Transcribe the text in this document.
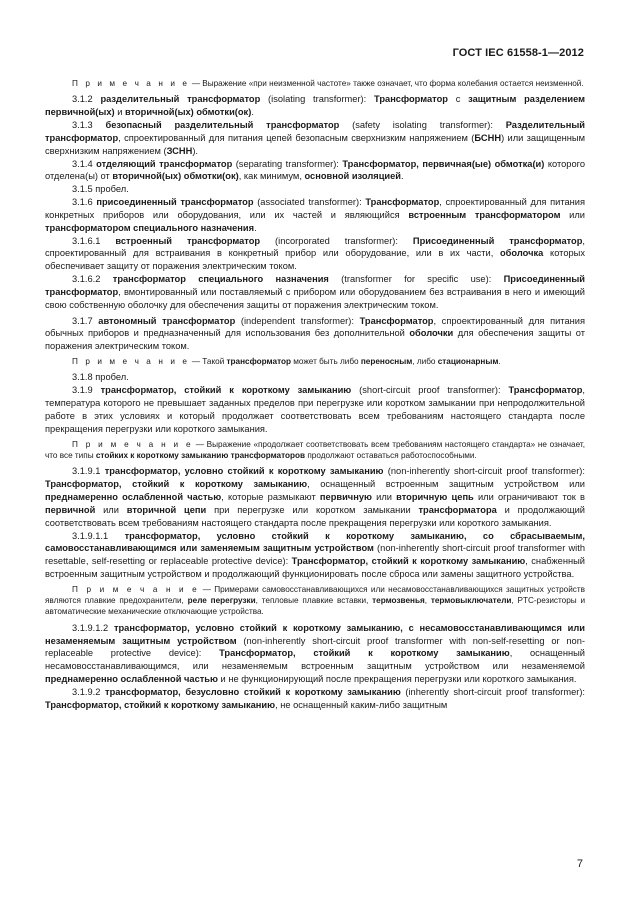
ГОСТ IEC 61558-1—2012

П р и м е ч а н и е — Выражение «при неизменной частоте» также означает, что форма колебания остается неизменной.

3.1.2 разделительный трансформатор (isolating transformer): Трансформатор с защитным разделением первичной(ых) и вторичной(ых) обмотки(ок).

3.1.3 безопасный разделительный трансформатор (safety isolating transformer): Разделительный трансформатор, спроектированный для питания цепей безопасным сверхнизким напряжением (БСНН) или защищенным сверхнизким напряжением (ЗСНН).

3.1.4 отделяющий трансформатор (separating transformer): Трансформатор, первичная(ые) обмотка(и) которого отделена(ы) от вторичной(ых) обмотки(ок), как минимум, основной изоляцией.

3.1.5 пробел.

3.1.6 присоединенный трансформатор (associated transformer): Трансформатор, спроектированный для питания конкретных приборов или оборудования, или их частей и являющийся встроенным трансформатором или трансформатором специального назначения.

3.1.6.1 встроенный трансформатор (incorporated transformer): Присоединенный трансформатор, спроектированный для встраивания в конкретный прибор или оборудование, или в их части, оболочка которых обеспечивает защиту от поражения электрическим током.

3.1.6.2 трансформатор специального назначения (transformer for specific use): Присоединенный трансформатор, вмонтированный или поставляемый с прибором или оборудованием без встраивания в него и имеющий свою собственную оболочку для обеспечения защиты от поражения электрическим током.

3.1.7 автономный трансформатор (independent transformer): Трансформатор, спроектированный для питания обычных приборов и предназначенный для использования без дополнительной оболочки для обеспечения защиты от поражения электрическим током.

П р и м е ч а н и е — Такой трансформатор может быть либо переносным, либо стационарным.

3.1.8 пробел.

3.1.9 трансформатор, стойкий к короткому замыканию (short-circuit proof transformer): Трансформатор, температура которого не превышает заданных пределов при перегрузке или коротком замыкании при непродолжительной работе в этих условиях и который продолжает соответствовать всем требованиям настоящего стандарта после прекращения перегрузки или короткого замыкания.

П р и м е ч а н и е — Выражение «продолжает соответствовать всем требованиям настоящего стандарта» не означает, что все типы стойких к короткому замыканию трансформаторов продолжают оставаться работоспособными.

3.1.9.1 трансформатор, условно стойкий к короткому замыканию (non-inherently short-circuit proof transformer): Трансформатор, стойкий к короткому замыканию, оснащенный встроенным защитным устройством или преднамеренно ослабленной частью, которые размыкают первичную или вторичную цепь или ограничивают ток в первичной или вторичной цепи при перегрузке или коротком замыкании трансформатора и продолжающий соответствовать всем требованиям настоящего стандарта после прекращения перегрузки или короткого замыкания.

3.1.9.1.1 трансформатор, условно стойкий к короткому замыканию, со сбрасываемым, самовосстанавливающимся или заменяемым защитным устройством (non-inherently short-circuit proof transformer with resettable, self-resetting or replaceable protective device): Трансформатор, стойкий к короткому замыканию, снабженный встроенным защитным устройством и продолжающий функционировать после сброса или замены защитного устройства.

П р и м е ч а н и е — Примерами самовосстанавливающихся или несамовосстанавливающихся защитных устройств являются плавкие предохранители, реле перегрузки, тепловые плавкие вставки, термозвенья, термовыключатели, PTC-резисторы и автоматические механические отключающие устройства.

3.1.9.1.2 трансформатор, условно стойкий к короткому замыканию, с несамовосстанавливающимся или незаменяемым защитным устройством (non-inherently short-circuit proof transformer with non-self-resetting or non-replaceable protective device): Трансформатор, стойкий к короткому замыканию, оснащенный несамовосстанавливающимся, или незаменяемым встроенным защитным устройством или незаменяемой преднамеренно ослабленной частью и не функционирующий после прекращения перегрузки или короткого замыкания.

3.1.9.2 трансформатор, безусловно стойкий к короткому замыканию (inherently short-circuit proof transformer): Трансформатор, стойкий к короткому замыканию, не оснащенный каким-либо защитным

7
